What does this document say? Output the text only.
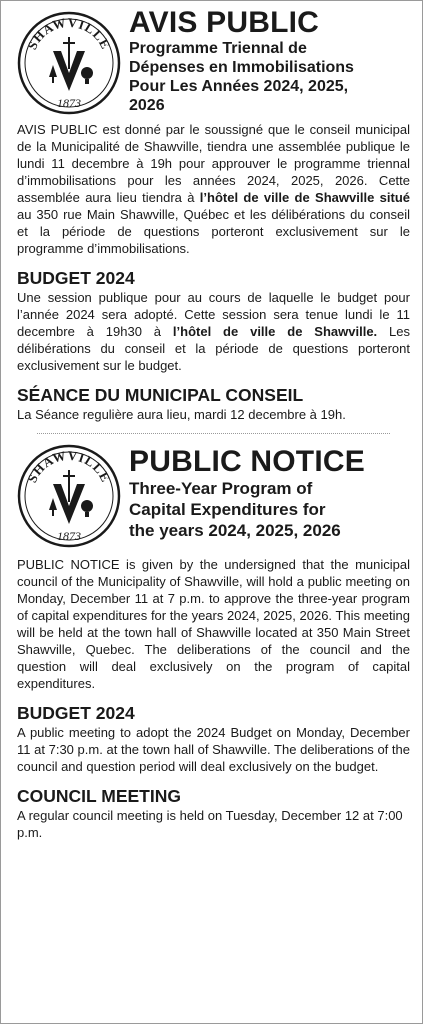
SHAWVILLE
1873
AVIS PUBLIC
Programme Triennal de
Dépenses en Immobilisations
Pour Les Années 2024, 2025,
2026

AVIS PUBLIC est donné par le soussigné que le conseil municipal de la Municipalité de Shawville, tiendra une assemblée publique le lundi 11 decembre à 19h pour approuver le programme triennal d’immobilisations pour les années 2024, 2025, 2026. Cette assemblée aura lieu tiendra à l’hôtel de ville de Shawville situé au 350 rue Main Shawville, Québec et les délibérations du conseil et la période de questions porteront exclusivement sur le programme d’immobilisations.

BUDGET 2024

Une session publique pour au cours de laquelle le budget pour l’année 2024 sera adopté. Cette session sera tenue lundi le 11 decembre à 19h30 à l’hôtel de ville de Shawville. Les délibérations du conseil et la période de questions porteront exclusivement sur le budget.

SÉANCE DU MUNICIPAL CONSEIL

La Séance regulière aura lieu, mardi 12 decembre à 19h.

SHAWVILLE
1873
PUBLIC NOTICE
Three-Year Program of
Capital Expenditures for
the years 2024, 2025, 2026

PUBLIC NOTICE is given by the undersigned that the municipal council of the Municipality of Shawville, will hold a public meeting on Monday, December 11 at 7 p.m. to approve the three-year program of capital expenditures for the years 2024, 2025, 2026. This meeting will be held at the town hall of Shawville located at 350 Main Street Shawville, Quebec. The deliberations of the council and the question will deal exclusively on the program of capital expenditures.

BUDGET 2024

A public meeting to adopt the 2024 Budget on Monday, December 11 at 7:30 p.m. at the town hall of Shawville. The deliberations of the council and question period will deal exclusively on the budget.

COUNCIL MEETING

A regular council meeting is held on Tuesday, December 12 at 7:00 p.m.
